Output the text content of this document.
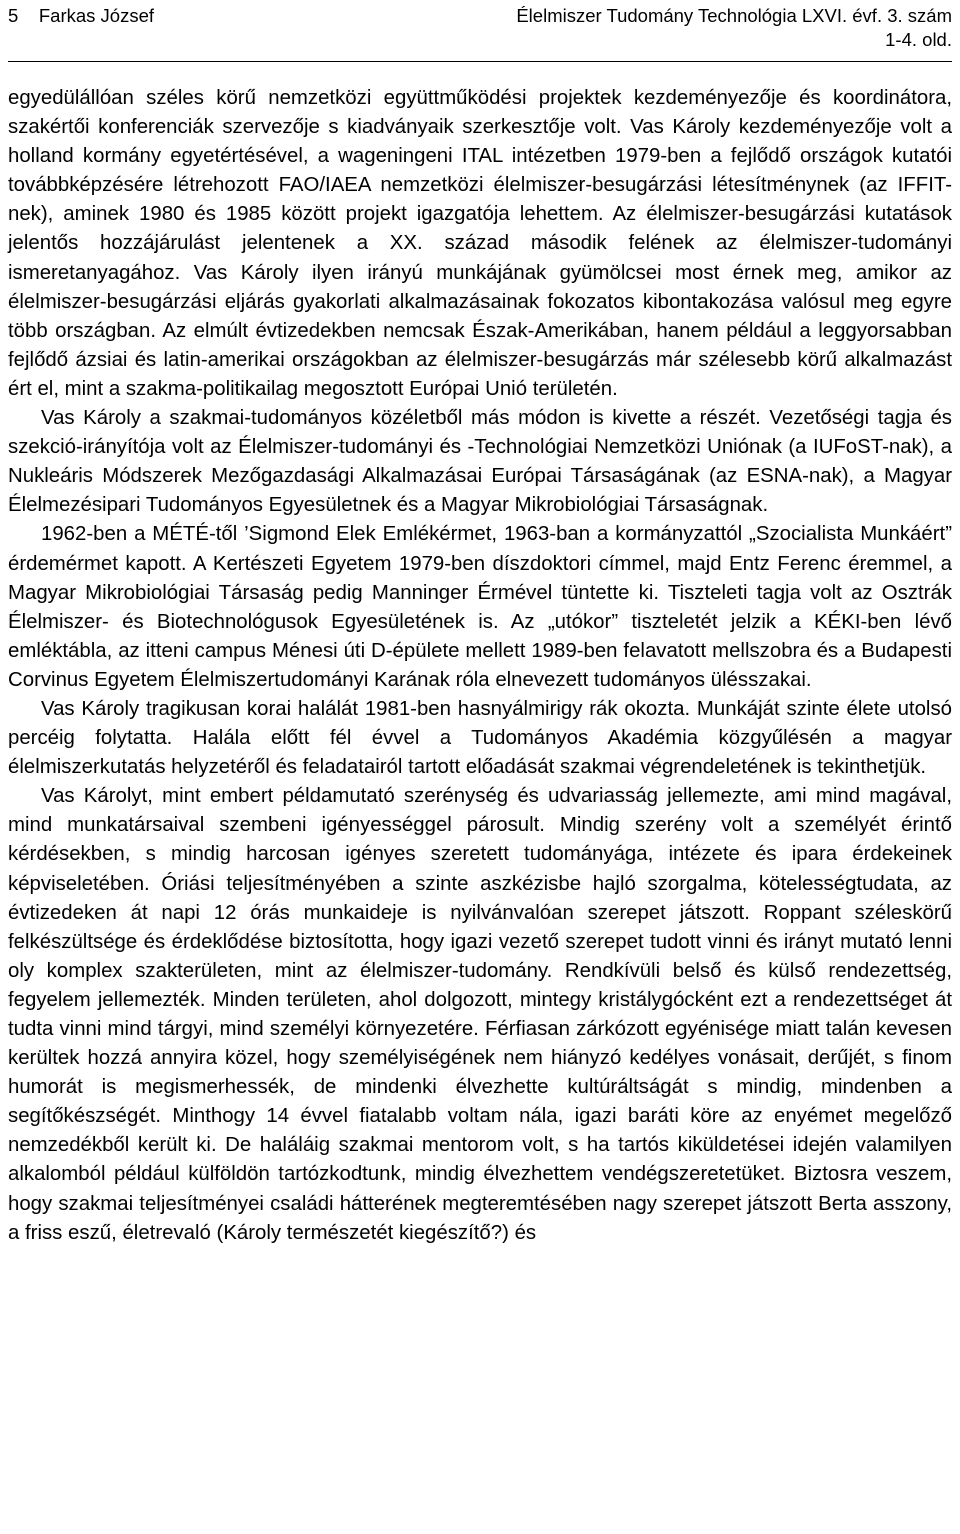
5 Farkas József	Élelmiszer Tudomány Technológia LXVI. évf. 3. szám
1-4. old.

egyedülállóan széles körű nemzetközi együttműködési projektek kezdeményezője és koordinátora, szakértői konferenciák szervezője s kiadványaik szerkesztője volt. Vas Károly kezdeményezője volt a holland kormány egyetértésével, a wageningeni ITAL intézetben 1979-ben a fejlődő országok kutatói továbbképzésére létrehozott FAO/IAEA nemzetközi élelmiszer-besugárzási létesítménynek (az IFFIT-nek), aminek 1980 és 1985 között projekt igazgatója lehettem. Az élelmiszer-besugárzási kutatások jelentős hozzájárulást jelentenek a XX. század második felének az élelmiszer-tudományi ismeretanyagához. Vas Károly ilyen irányú munkájának gyümölcsei most érnek meg, amikor az élelmiszer-besugárzási eljárás gyakorlati alkalmazásainak fokozatos kibontakozása valósul meg egyre több országban. Az elmúlt évtizedekben nemcsak Észak-Amerikában, hanem például a leggyorsabban fejlődő ázsiai és latin-amerikai országokban az élelmiszer-besugárzás már szélesebb körű alkalmazást ért el, mint a szakma-politikailag megosztott Európai Unió területén.

Vas Károly a szakmai-tudományos közéletből más módon is kivette a részét. Vezetőségi tagja és szekció-irányítója volt az Élelmiszer-tudományi és -Technológiai Nemzetközi Uniónak (a IUFoST-nak), a Nukleáris Módszerek Mezőgazdasági Alkalmazásai Európai Társaságának (az ESNA-nak), a Magyar Élelmezésipari Tudományos Egyesületnek és a Magyar Mikrobiológiai Társaságnak.

1962-ben a MÉTÉ-től ’Sigmond Elek Emlékérmet, 1963-ban a kormányzattól „Szocialista Munkáért” érdemérmet kapott. A Kertészeti Egyetem 1979-ben díszdoktori címmel, majd Entz Ferenc éremmel, a Magyar Mikrobiológiai Társaság pedig Manninger Érmével tüntette ki. Tiszteleti tagja volt az Osztrák Élelmiszer- és Biotechnológusok Egyesületének is. Az „utókor” tiszteletét jelzik a KÉKI-ben lévő emléktábla, az itteni campus Ménesi úti D-épülete mellett 1989-ben felavatott mellszobra és a Budapesti Corvinus Egyetem Élelmiszertudományi Karának róla elnevezett tudományos ülésszakai.

Vas Károly tragikusan korai halálát 1981-ben hasnyálmirigy rák okozta. Munkáját szinte élete utolsó percéig folytatta. Halála előtt fél évvel a Tudományos Akadémia közgyűlésén a magyar élelmiszerkutatás helyzetéről és feladatairól tartott előadását szakmai végrendeletének is tekinthetjük.

Vas Károlyt, mint embert példamutató szerénység és udvariasság jellemezte, ami mind magával, mind munkatársaival szembeni igényességgel párosult. Mindig szerény volt a személyét érintő kérdésekben, s mindig harcosan igényes szeretett tudományága, intézete és ipara érdekeinek képviseletében. Óriási teljesítményében a szinte aszkézisbe hajló szorgalma, kötelességtudata, az évtizedeken át napi 12 órás munkaideje is nyilvánvalóan szerepet játszott. Roppant széleskörű felkészültsége és érdeklődése biztosította, hogy igazi vezető szerepet tudott vinni és irányt mutató lenni oly komplex szakterületen, mint az élelmiszer-tudomány. Rendkívüli belső és külső rendezettség, fegyelem jellemezték. Minden területen, ahol dolgozott, mintegy kristálygócként ezt a rendezettséget át tudta vinni mind tárgyi, mind személyi környezetére. Férfiasan zárkózott egyénisége miatt talán kevesen kerültek hozzá annyira közel, hogy személyiségének nem hiányzó kedélyes vonásait, derűjét, s finom humorát is megismerhessék, de mindenki élvezhette kultúráltságát s mindig, mindenben a segítőkészségét. Minthogy 14 évvel fiatalabb voltam nála, igazi baráti köre az enyémet megelőző nemzedékből került ki. De haláláig szakmai mentorom volt, s ha tartós kiküldetései idején valamilyen alkalomból például külföldön tartózkodtunk, mindig élvezhettem vendégszeretetüket. Biztosra veszem, hogy szakmai teljesítményei családi hátterének megteremtésében nagy szerepet játszott Berta asszony, a friss eszű, életrevaló (Károly természetét kiegészítő?) és
